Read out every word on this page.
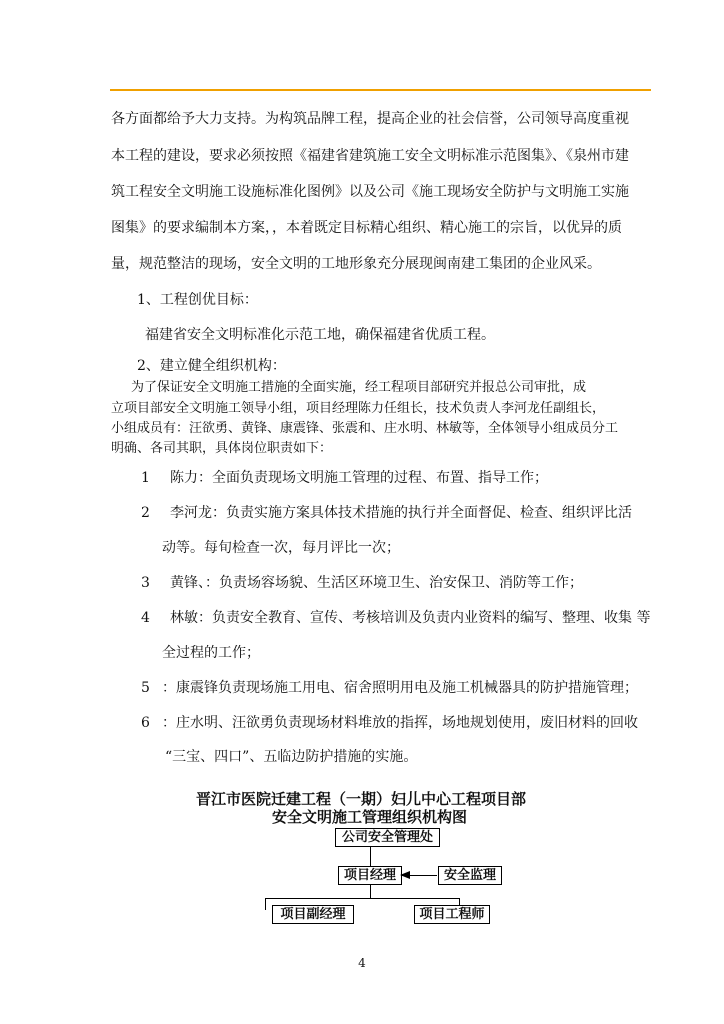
各方面都给予大力支持。为构筑品牌工程，提高企业的社会信誉，公司领导高度重视
本工程的建设，要求必须按照《福建省建筑施工安全文明标准示范图集》、《泉州市建
筑工程安全文明施工设施标准化图例》以及公司《施工现场安全防护与文明施工实施
图集》的要求编制本方案，，本着既定目标精心组织、精心施工的宗旨，以优异的质
量，规范整洁的现场，安全文明的工地形象充分展现闽南建工集团的企业风采。
1、工程创优目标：
福建省安全文明标准化示范工地，确保福建省优质工程。
2、建立健全组织机构：
为了保证安全文明施工措施的全面实施，经工程项目部研究并报总公司审批，成
立项目部安全文明施工领导小组，项目经理陈力任组长，技术负责人李河龙任副组长，
小组成员有：汪欲勇、黄锋、康震锋、张震和、庄水明、林敏等，全体领导小组成员分工
明确、各司其职，具体岗位职责如下：
1 陈力：全面负责现场文明施工管理的过程、布置、指导工作；
2 李河龙：负责实施方案具体技术措施的执行并全面督促、检查、组织评比活
动等。每旬检查一次，每月评比一次；
3 黄锋、：负责场容场貌、生活区环境卫生、治安保卫、消防等工作；
4 林敏：负责安全教育、宣传、考核培训及负责内业资料的编写、整理、收集 等
全过程的工作；
5 ：康震锋负责现场施工用电、宿舍照明用电及施工机械器具的防护措施管理；
6 ：庄水明、汪欲勇负责现场材料堆放的指挥，场地规划使用，废旧材料的回收
“三宝、四口”、五临边防护措施的实施。
晋江市医院迁建工程（一期）妇儿中心工程项目部
安全文明施工管理组织机构图
公司安全管理处
项目经理	安全监理
项目副经理	项目工程师
4
